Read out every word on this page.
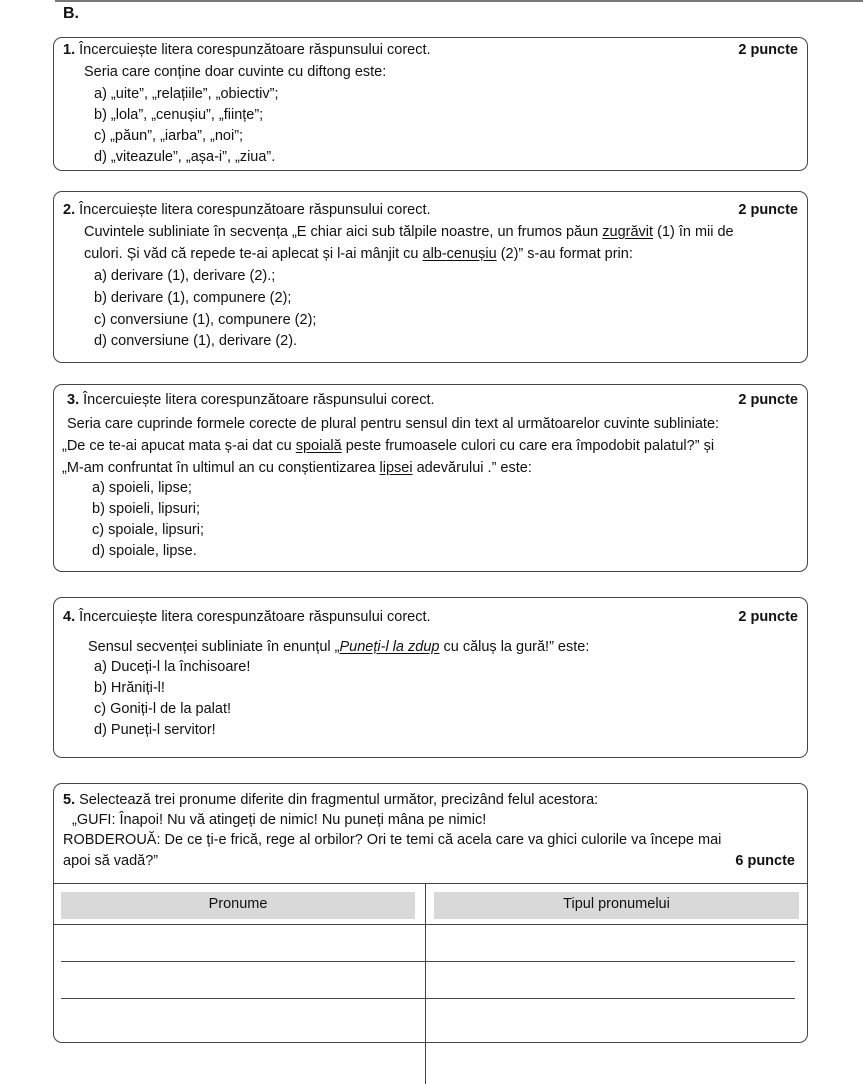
B.
1. Încercuiește litera corespunzătoare răspunsului corect.	2 puncte
Seria care conține doar cuvinte cu diftong este:
a) „uite”, „relațiile”, „obiectiv”;
b) „lola”, „cenușiu”, „ființe”;
c) „păun”, „iarba”, „noi”;
d) „viteazule”, „așa-i”, „ziua”.
2. Încercuiește litera corespunzătoare răspunsului corect.	2 puncte
Cuvintele subliniate în secvența „E chiar aici sub tălpile noastre, un frumos păun zugrăvit (1) în mii de
culori. Și văd că repede te-ai aplecat și l-ai mânjit cu alb-cenușiu (2)” s-au format prin:
a) derivare (1), derivare (2).;
b) derivare (1), compunere (2);
c) conversiune (1), compunere (2);
d) conversiune (1), derivare (2).
3. Încercuiește litera corespunzătoare răspunsului corect.	2 puncte
Seria care cuprinde formele corecte de plural pentru sensul din text al următoarelor cuvinte subliniate:
„De ce te-ai apucat mata ș-ai dat cu spoială peste frumoasele culori cu care era împodobit palatul?” și
„M-am confruntat în ultimul an cu conștientizarea lipsei adevărului .” este:
a) spoieli, lipse;
b) spoieli, lipsuri;
c) spoiale, lipsuri;
d) spoiale, lipse.
4. Încercuiește litera corespunzătoare răspunsului corect.	2 puncte
Sensul secvenței subliniate în enunțul „Puneți-l la zdup cu căluș la gură!” este:
a) Duceți-l la închisoare!
b) Hrăniți-l!
c) Goniți-l de la palat!
d) Puneți-l servitor!
5. Selectează trei pronume diferite din fragmentul următor, precizând felul acestora:
„GUFI: Înapoi! Nu vă atingeți de nimic! Nu puneți mâna pe nimic!
ROBDEROUĂ: De ce ți-e frică, rege al orbilor? Ori te temi că acela care va ghici culorile va începe mai
apoi să vadă?”	6 puncte
Pronume	Tipul pronumelui
